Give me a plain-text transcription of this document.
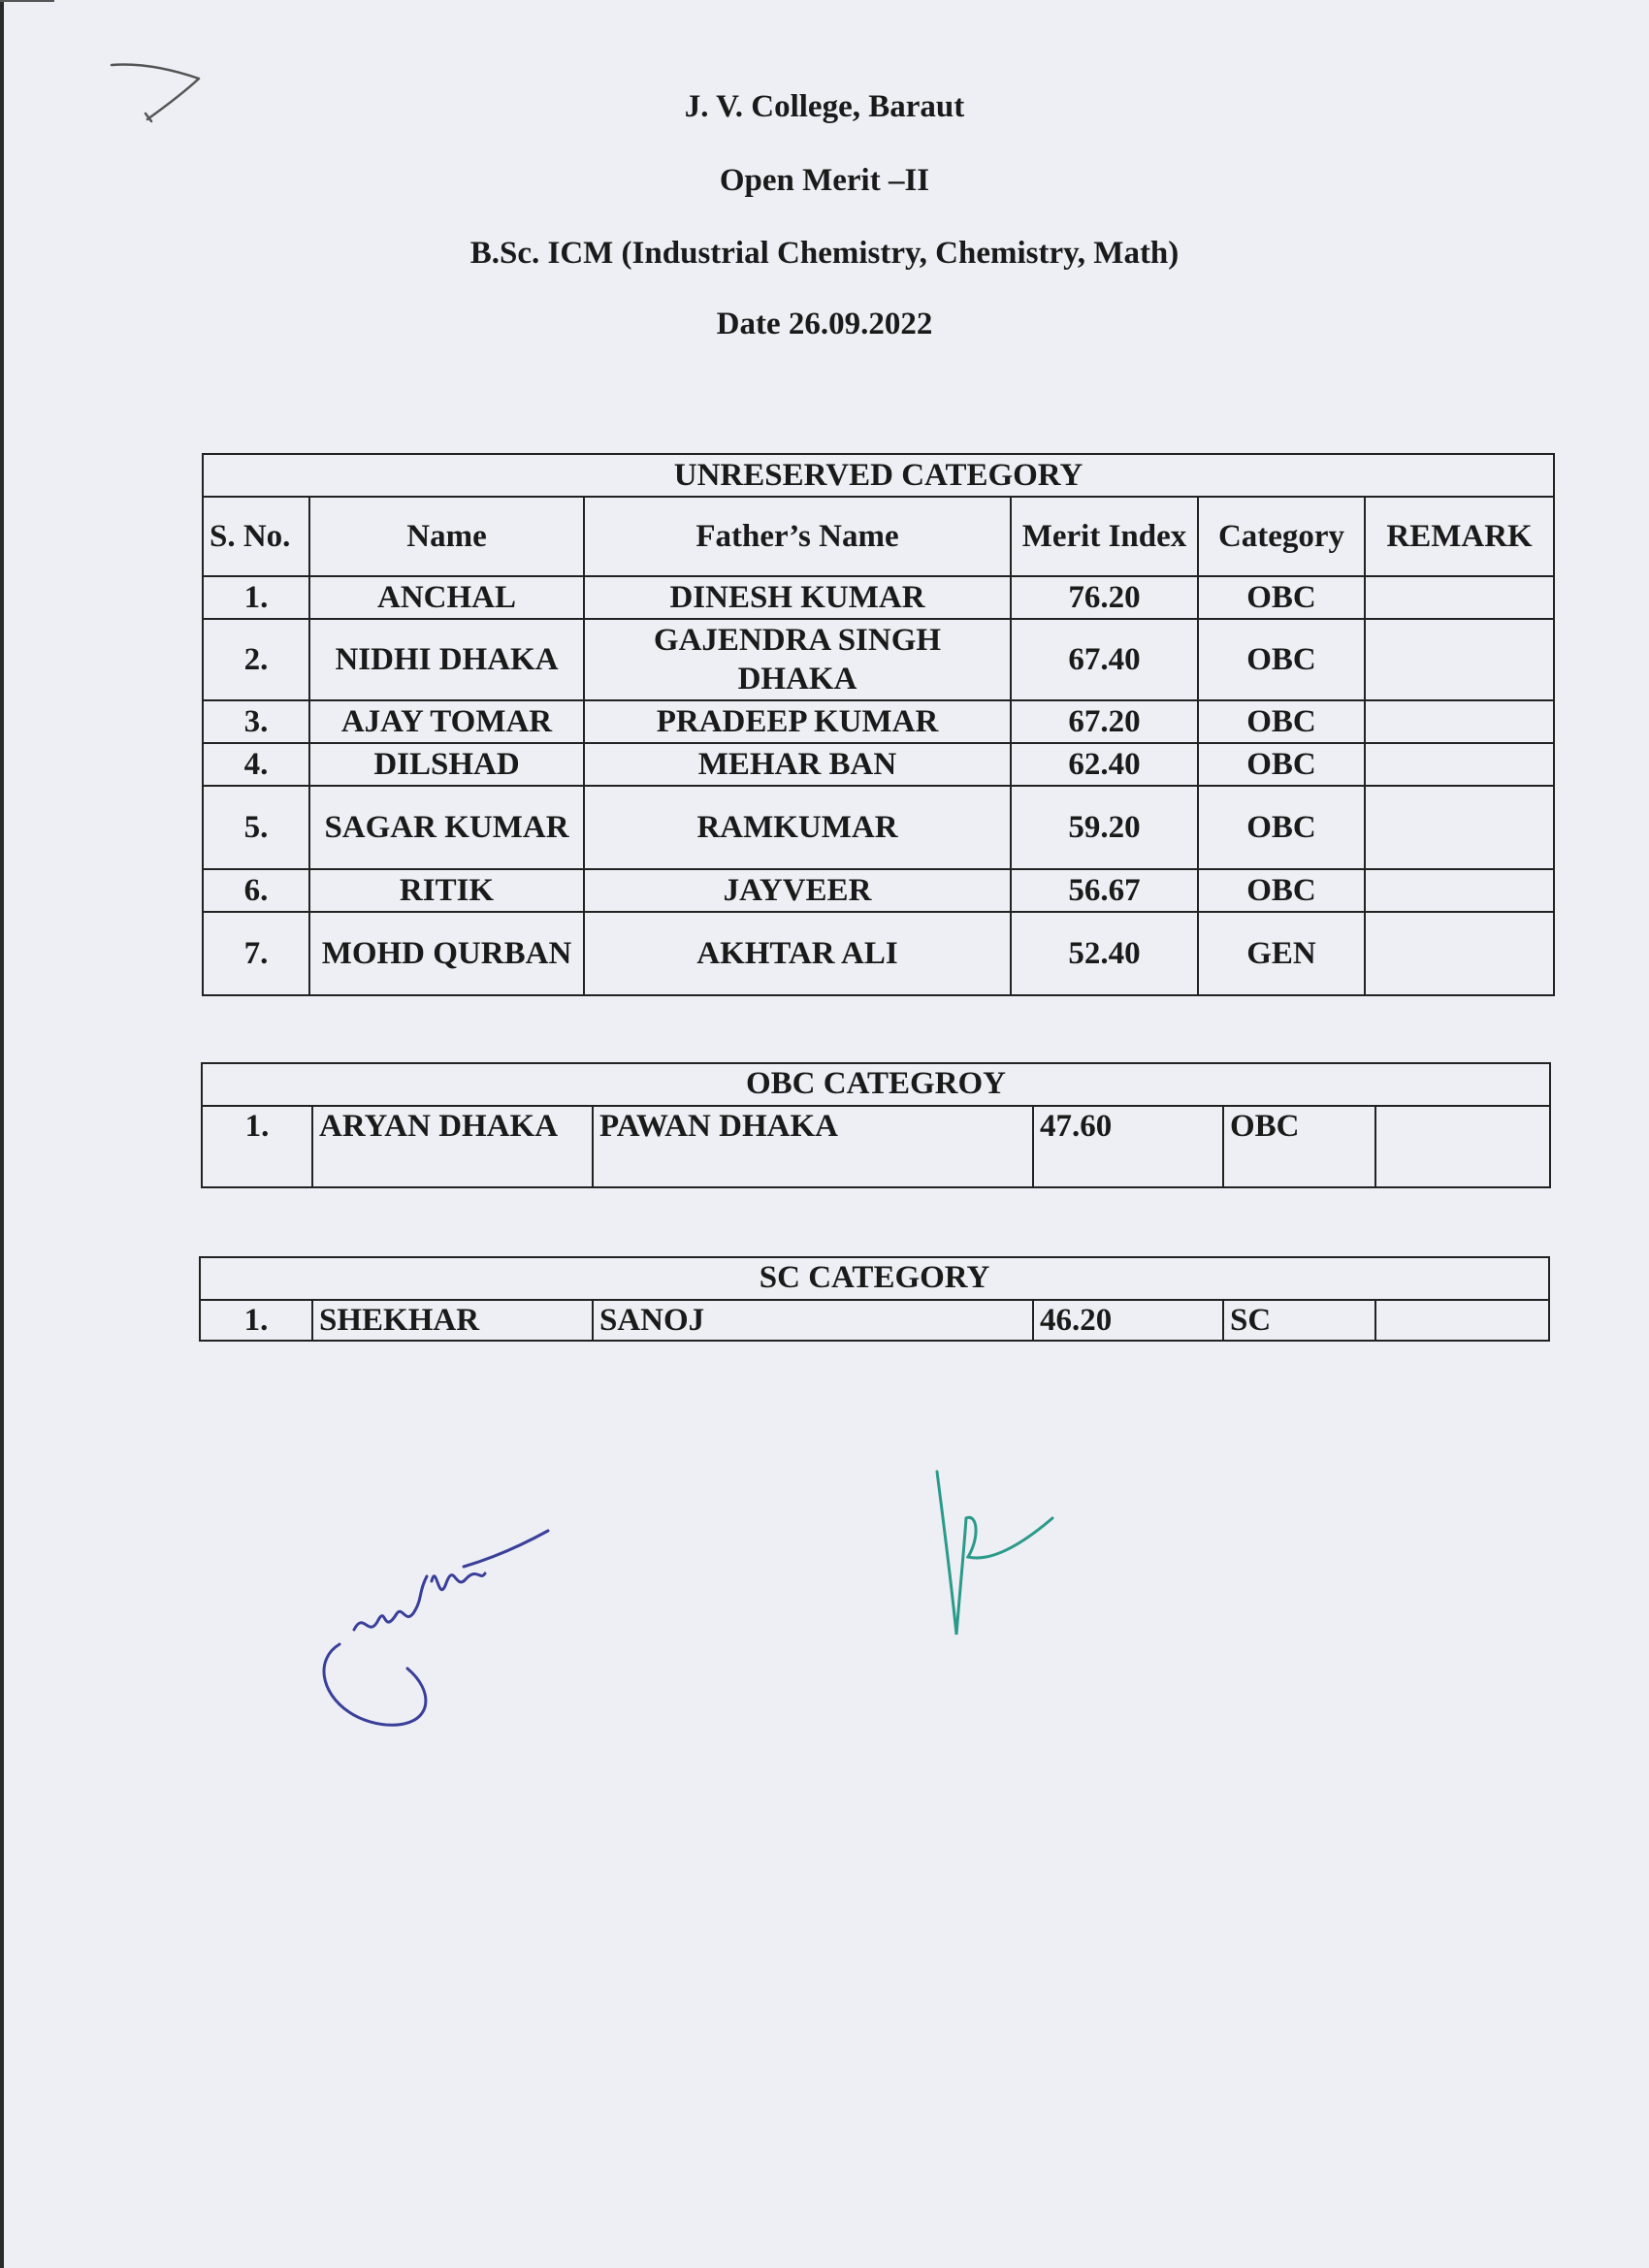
J. V. College, Baraut
Open Merit –II
B.Sc. ICM (Industrial Chemistry, Chemistry, Math)
Date 26.09.2022
UNRESERVED CATEGORY					
S. No.	Name	Father’s Name	Merit Index	Category	REMARK
1.	ANCHAL	DINESH KUMAR	76.20	OBC	
2.	NIDHI DHAKA	GAJENDRA SINGH DHAKA	67.40	OBC	
3.	AJAY TOMAR	PRADEEP KUMAR	67.20	OBC	
4.	DILSHAD	MEHAR BAN	62.40	OBC	
5.	SAGAR KUMAR	RAMKUMAR	59.20	OBC	
6.	RITIK	JAYVEER	56.67	OBC	
7.	MOHD QURBAN	AKHTAR ALI	52.40	GEN	
OBC CATEGROY
1.	ARYAN DHAKA	PAWAN DHAKA	47.60	OBC	
SC CATEGORY
1.	SHEKHAR	SANOJ	46.20	SC	
